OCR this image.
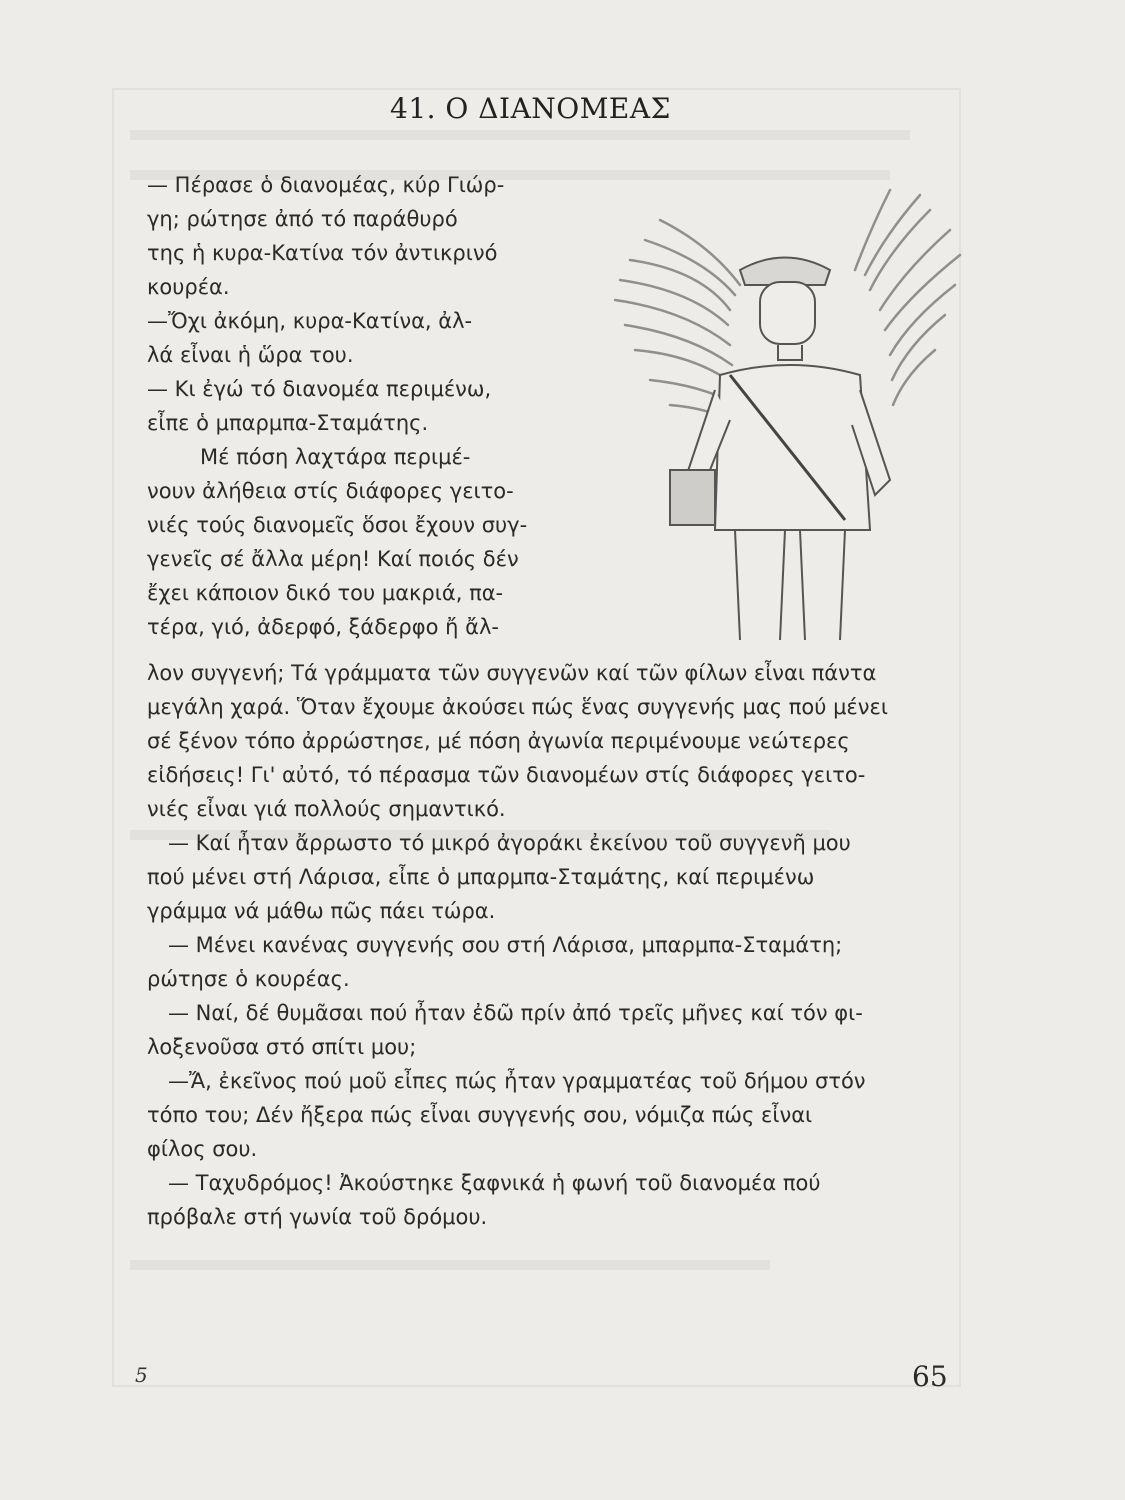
41. Ο ΔΙΑΝΟΜΕΑΣ
— Πέρασε ὁ διανομέας, κύρ Γιώρ-
γη; ρώτησε ἀπό τό παράθυρό
της ἡ κυρα-Κατίνα τόν ἀντικρινό
κουρέα.
—Ὄχι ἀκόμη, κυρα-Κατίνα, ἀλ-
λά εἶναι ἡ ὥρα του.
— Κι ἐγώ τό διανομέα περιμένω,
εἶπε ὁ μπαρμπα-Σταμάτης.
Μέ πόση λαχτάρα περιμέ-
νουν ἀλήθεια στίς διάφορες γειτο-
νιές τούς διανομεῖς ὅσοι ἔχουν συγ-
γενεῖς σέ ἄλλα μέρη! Καί ποιός δέν
ἔχει κάποιον δικό του μακριά, πα-
τέρα, γιό, ἀδερφό, ξάδερφο ἤ ἄλ-
λον συγγενή; Τά γράμματα τῶν συγγενῶν καί τῶν φίλων εἶναι πάντα
μεγάλη χαρά. Ὅταν ἔχουμε ἀκούσει πώς ἕνας συγγενής μας πού μένει
σέ ξένον τόπο ἀρρώστησε, μέ πόση ἀγωνία περιμένουμε νεώτερες
εἰδήσεις! Γι' αὐτό, τό πέρασμα τῶν διανομέων στίς διάφορες γειτο-
νιές εἶναι γιά πολλούς σημαντικό.
— Καί ἦταν ἄρρωστο τό μικρό ἀγοράκι ἐκείνου τοῦ συγγενῆ μου
πού μένει στή Λάρισα, εἶπε ὁ μπαρμπα-Σταμάτης, καί περιμένω
γράμμα νά μάθω πῶς πάει τώρα.
— Μένει κανένας συγγενής σου στή Λάρισα, μπαρμπα-Σταμάτη;
ρώτησε ὁ κουρέας.
— Ναί, δέ θυμᾶσαι πού ἦταν ἐδῶ πρίν ἀπό τρεῖς μῆνες καί τόν φι-
λοξενοῦσα στό σπίτι μου;
—Ἄ, ἐκεῖνος πού μοῦ εἶπες πώς ἦταν γραμματέας τοῦ δήμου στόν
τόπο του; Δέν ἤξερα πώς εἶναι συγγενής σου, νόμιζα πώς εἶναι
φίλος σου.
— Ταχυδρόμος! Ἀκούστηκε ξαφνικά ἡ φωνή τοῦ διανομέα πού
πρόβαλε στή γωνία τοῦ δρόμου.
5	65
